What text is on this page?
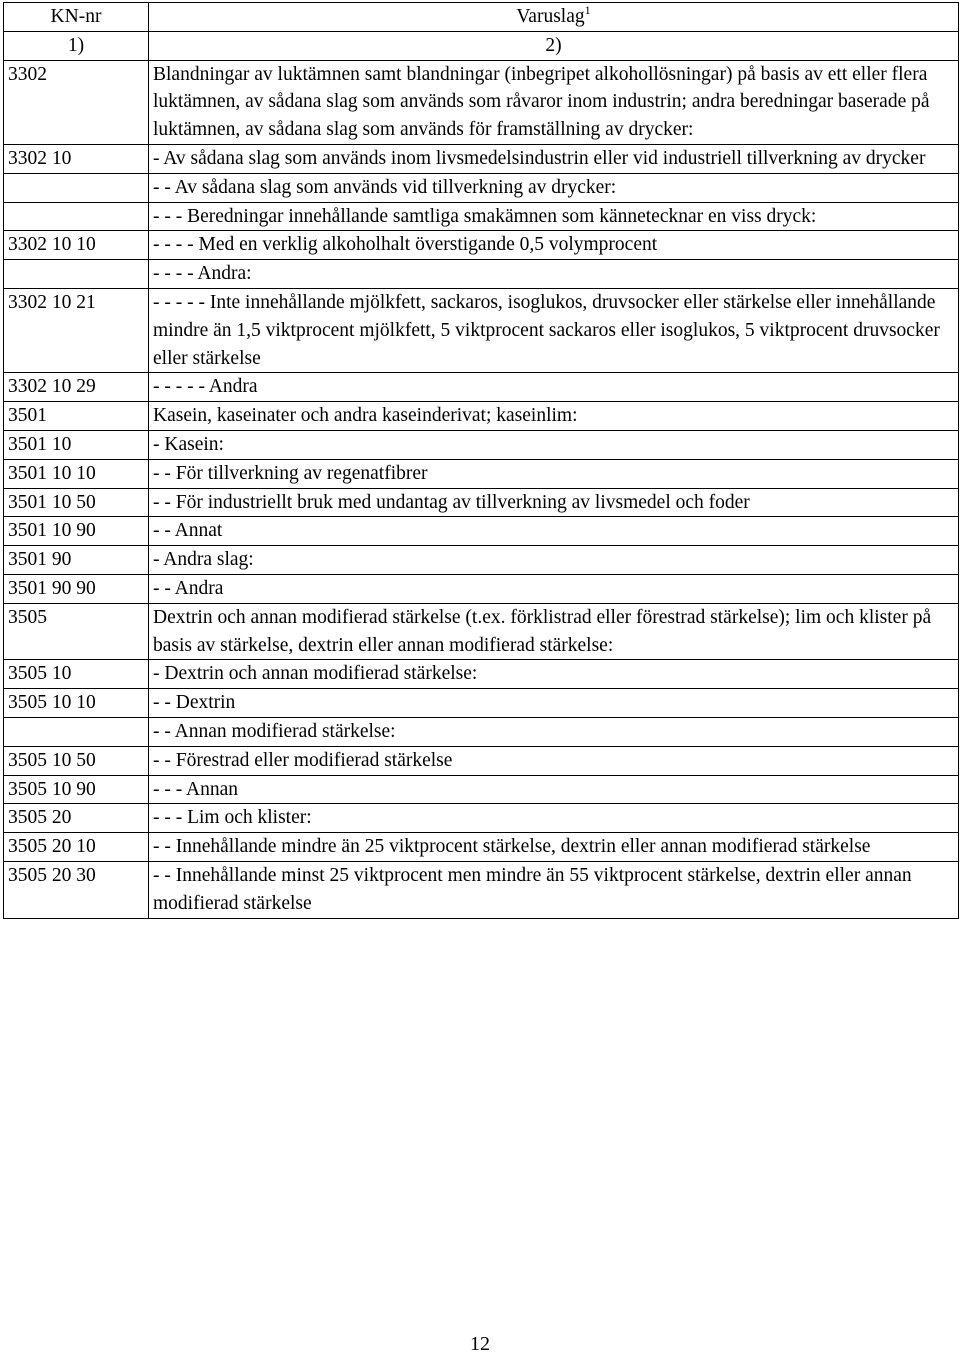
KN-nr	Varuslag$^1$
1)	2)
3302	Blandningar av luktämnen samt blandningar (inbegripet alkohollösningar) på basis av ett eller flera luktämnen, av sådana slag som används som råvaror inom industrin; andra beredningar baserade på luktämnen, av sådana slag som används för framställning av drycker:
3302 10	- Av sådana slag som används inom livsmedelsindustrin eller vid industriell tillverkning av drycker
	- - Av sådana slag som används vid tillverkning av drycker:
	- - - Beredningar innehållande samtliga smakämnen som kännetecknar en viss dryck:
3302 10 10	- - - - Med en verklig alkoholhalt överstigande 0,5 volymprocent
	- - - - Andra:
3302 10 21	- - - - - Inte innehållande mjölkfett, sackaros, isoglukos, druvsocker eller stärkelse eller innehållande mindre än 1,5 viktprocent mjölkfett, 5 viktprocent sackaros eller isoglukos, 5 viktprocent druvsocker eller stärkelse
3302 10 29	- - - - - Andra
3501	Kasein, kaseinater och andra kaseinderivat; kaseinlim:
3501 10	- Kasein:
3501 10 10	- - För tillverkning av regenatfibrer
3501 10 50	- - För industriellt bruk med undantag av tillverkning av livsmedel och foder
3501 10 90	- - Annat
3501 90	- Andra slag:
3501 90 90	- - Andra
3505	Dextrin och annan modifierad stärkelse (t.ex. förklistrad eller förestrad stärkelse); lim och klister på basis av stärkelse, dextrin eller annan modifierad stärkelse:
3505 10	- Dextrin och annan modifierad stärkelse:
3505 10 10	- - Dextrin
	- - Annan modifierad stärkelse:
3505 10 50	- - Förestrad eller modifierad stärkelse
3505 10 90	- - - Annan
3505 20	- - - Lim och klister:
3505 20 10	- - Innehållande mindre än 25 viktprocent stärkelse, dextrin eller annan modifierad stärkelse
3505 20 30	- - Innehållande minst 25 viktprocent men mindre än 55 viktprocent stärkelse, dextrin eller annan modifierad stärkelse
12
